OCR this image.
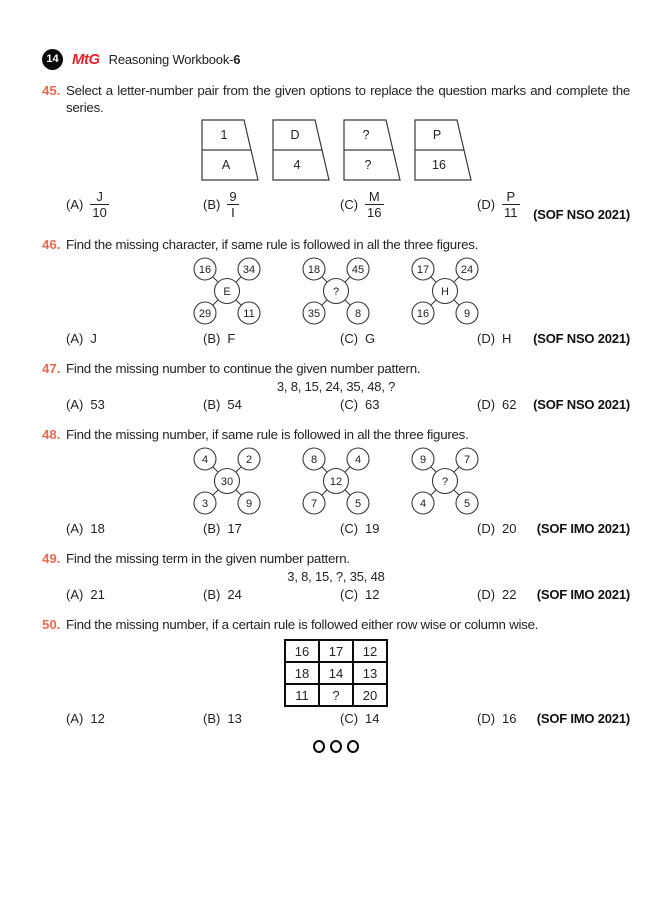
14 MtG Reasoning Workbook-6
45. Select a letter-number pair from the given options to replace the question marks and complete the series.
1
A
D
4
?
?
P
16
$(A) \frac{J}{10}$	$(B) \frac{9}{I}$	$(C) \frac{M}{16}$	$(D) \frac{P}{11} (SOF$ NSO 2021)
46. Find the missing character, if same rule is followed in all the three figures.
16	34
E
29	11
18	45
?
35	8
17	24
H
16	9
(A) J	(B) F	(C) G	(D) H (SOF NSO 2021)
47. Find the missing number to continue the given number pattern.
3, 8, 15, 24, 35, 48, ?
(A) 53	(B) 54	(C) 63	(D) 62 (SOF NSO 2021)
48. Find the missing number, if same rule is followed in all the three figures.
4	2
30
3	9
8	4
12
7	5
9	7
?
4	5
(A) 18	(B) 17	(C) 19	(D) 20 (SOF IMO 2021)
49. Find the missing term in the given number pattern.
3, 8, 15, ?, 35, 48
(A) 21	(B) 24	(C) 12	(D) 22 (SOF IMO 2021)
50. Find the missing number, if a certain rule is followed either row wise or column wise.
16	17	12
18	14	13
11	?	20
(A) 12	(B) 13	(C) 14	(D) 16 (SOF IMO 2021)
